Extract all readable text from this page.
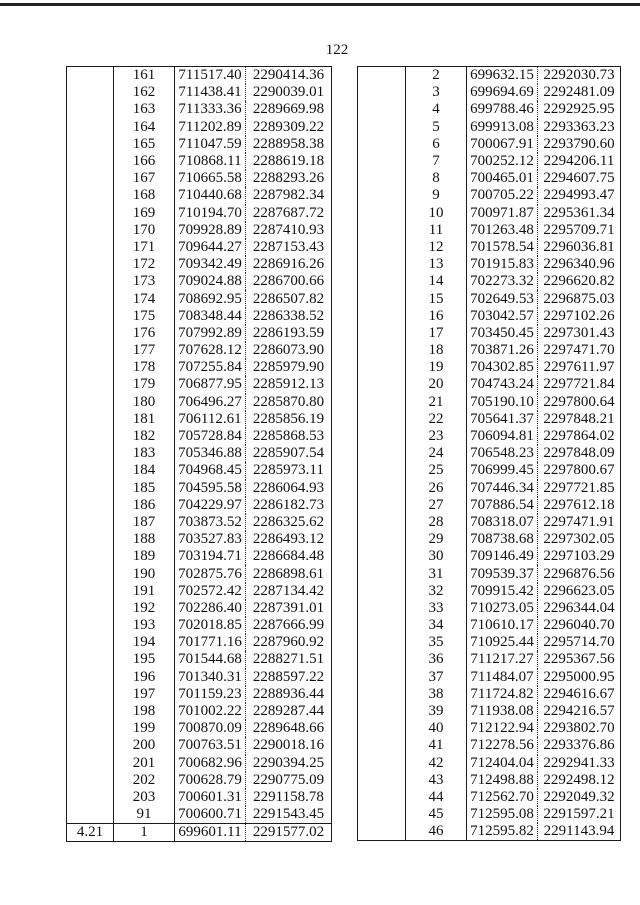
122
	161	711517.40	2290414.36
	162	711438.41	2290039.01
	163	711333.36	2289669.98
	164	711202.89	2289309.22
	165	711047.59	2288958.38
	166	710868.11	2288619.18
	167	710665.58	2288293.26
	168	710440.68	2287982.34
	169	710194.70	2287687.72
	170	709928.89	2287410.93
	171	709644.27	2287153.43
	172	709342.49	2286916.26
	173	709024.88	2286700.66
	174	708692.95	2286507.82
	175	708348.44	2286338.52
	176	707992.89	2286193.59
	177	707628.12	2286073.90
	178	707255.84	2285979.90
	179	706877.95	2285912.13
	180	706496.27	2285870.80
	181	706112.61	2285856.19
	182	705728.84	2285868.53
	183	705346.88	2285907.54
	184	704968.45	2285973.11
	185	704595.58	2286064.93
	186	704229.97	2286182.73
	187	703873.52	2286325.62
	188	703527.83	2286493.12
	189	703194.71	2286684.48
	190	702875.76	2286898.61
	191	702572.42	2287134.42
	192	702286.40	2287391.01
	193	702018.85	2287666.99
	194	701771.16	2287960.92
	195	701544.68	2288271.51
	196	701340.31	2288597.22
	197	701159.23	2288936.44
	198	701002.22	2289287.44
	199	700870.09	2289648.66
	200	700763.51	2290018.16
	201	700682.96	2290394.25
	202	700628.79	2290775.09
	203	700601.31	2291158.78
	91	700600.71	2291543.45
4.21	1	699601.11	2291577.02
	2	699632.15	2292030.73
	3	699694.69	2292481.09
	4	699788.46	2292925.95
	5	699913.08	2293363.23
	6	700067.91	2293790.60
	7	700252.12	2294206.11
	8	700465.01	2294607.75
	9	700705.22	2294993.47
	10	700971.87	2295361.34
	11	701263.48	2295709.71
	12	701578.54	2296036.81
	13	701915.83	2296340.96
	14	702273.32	2296620.82
	15	702649.53	2296875.03
	16	703042.57	2297102.26
	17	703450.45	2297301.43
	18	703871.26	2297471.70
	19	704302.85	2297611.97
	20	704743.24	2297721.84
	21	705190.10	2297800.64
	22	705641.37	2297848.21
	23	706094.81	2297864.02
	24	706548.23	2297848.09
	25	706999.45	2297800.67
	26	707446.34	2297721.85
	27	707886.54	2297612.18
	28	708318.07	2297471.91
	29	708738.68	2297302.05
	30	709146.49	2297103.29
	31	709539.37	2296876.56
	32	709915.42	2296623.05
	33	710273.05	2296344.04
	34	710610.17	2296040.70
	35	710925.44	2295714.70
	36	711217.27	2295367.56
	37	711484.07	2295000.95
	38	711724.82	2294616.67
	39	711938.08	2294216.57
	40	712122.94	2293802.70
	41	712278.56	2293376.86
	42	712404.04	2292941.33
	43	712498.88	2292498.12
	44	712562.70	2292049.32
	45	712595.08	2291597.21
	46	712595.82	2291143.94
